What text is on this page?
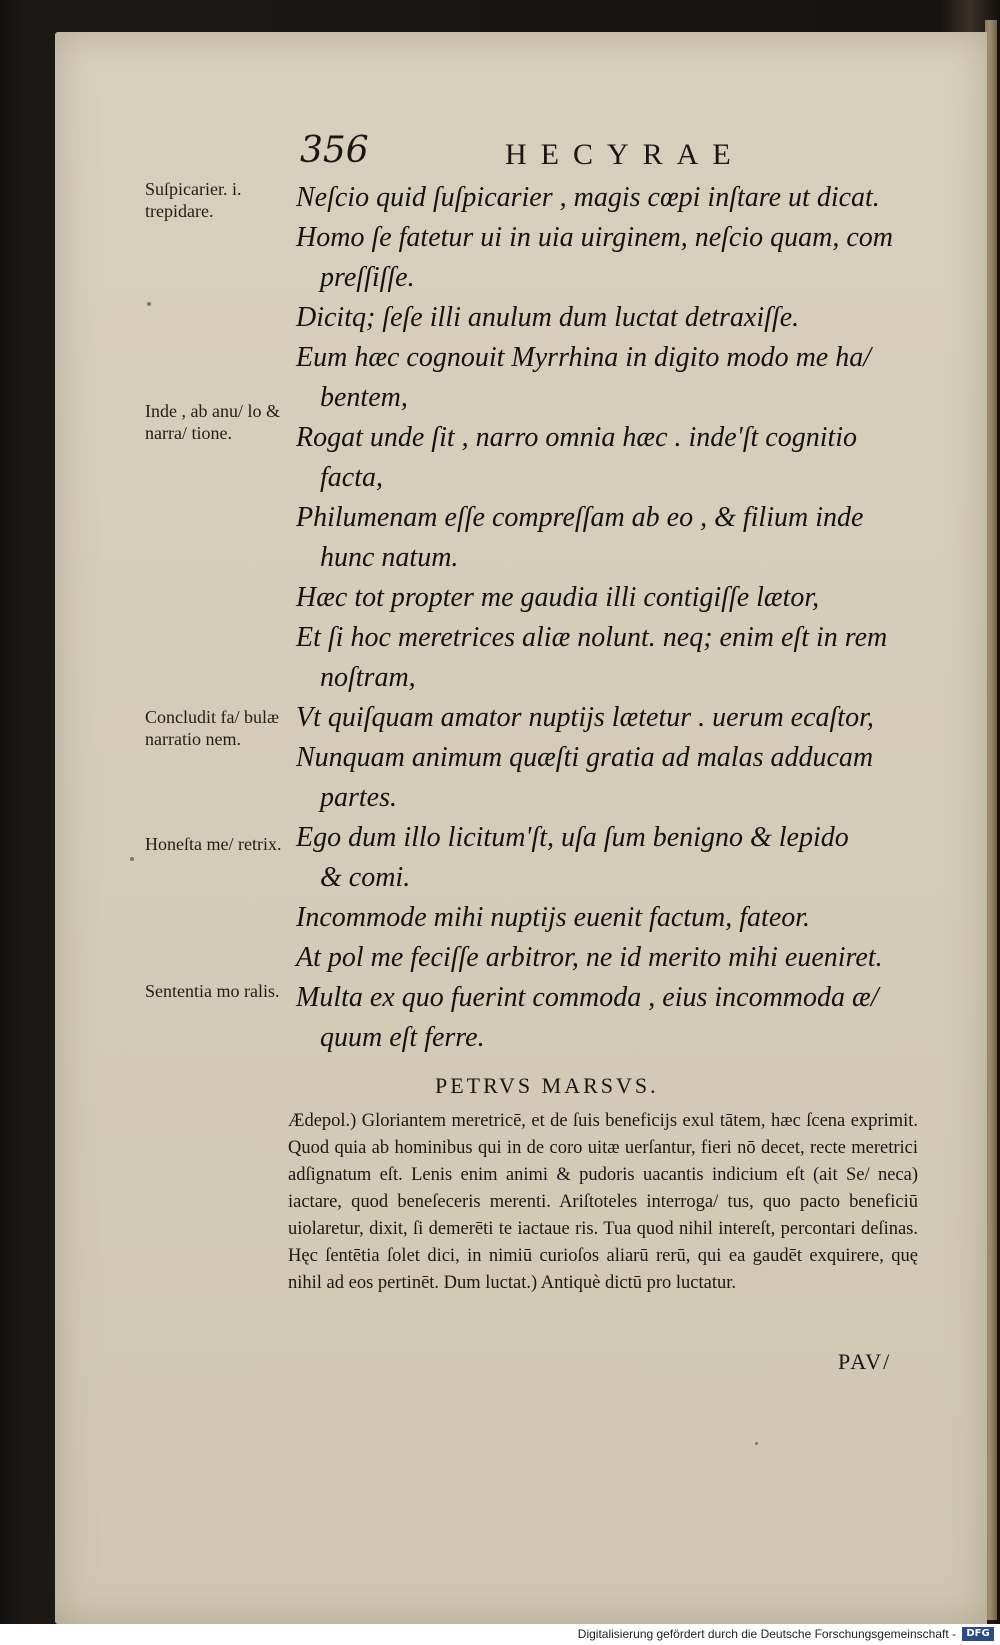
356	HECYRAE

Neſcio quid ſuſpicarier , magis cœpi inſtare ut dicat.

Homo ſe fatetur ui in uia uirginem, neſcio quam, com
preſſiſſe.

Dicitq; ſeſe illi anulum dum luctat detraxiſſe.

Eum hæc cognouit Myrrhina in digito modo me ha/
bentem,

Rogat unde ſit , narro omnia hæc . inde'ſt cognitio
facta,

Philumenam eſſe compreſſam ab eo , & filium inde
hunc natum.

Hæc tot propter me gaudia illi contigiſſe lætor,

Et ſi hoc meretrices aliæ nolunt. neq; enim eſt in rem
noſtram,

Vt quiſquam amator nuptijs lætetur . uerum ecaſtor,

Nunquam animum quæſti gratia ad malas adducam
partes.

Ego dum illo licitum'ſt, uſa ſum benigno & lepido
& comi.

Incommode mihi nuptijs euenit factum, fateor.

At pol me feciſſe arbitror, ne id merito mihi eueniret.

Multa ex quo fuerint commoda , eius incommoda æ/
quum eſt ferre.

Suſpicarier. i. trepidare.
Inde , ab anu/ lo & narra/ tione.
Concludit fa/ bulæ narratio nem.
Honeſta me/ retrix.
Sententia mo ralis.
PETRVS MARSVS.
Ædepol.) Gloriantem meretricē, et de ſuis beneficijs exul tātem, hæc ſcena exprimit. Quod quia ab hominibus qui in de coro uitæ uerſantur, fieri nō decet, recte meretrici adſignatum eſt. Lenis enim animi & pudoris uacantis indicium eſt (ait Se/ neca) iactare, quod beneſeceris merenti. Ariſtoteles interroga/ tus, quo pacto beneficiū uiolaretur, dixit, ſi demerēti te iactaue ris. Tua quod nihil intereſt, percontari deſinas. Hęc ſentētia ſolet dici, in nimiū curioſos aliarū rerū, qui ea gaudēt exquirere, quę nihil ad eos pertinēt. Dum luctat.) Antiquè dictū pro luctatur.
PAV/
Digitalisierung gefördert durch die Deutsche Forschungsgemeinschaft -	DFG
